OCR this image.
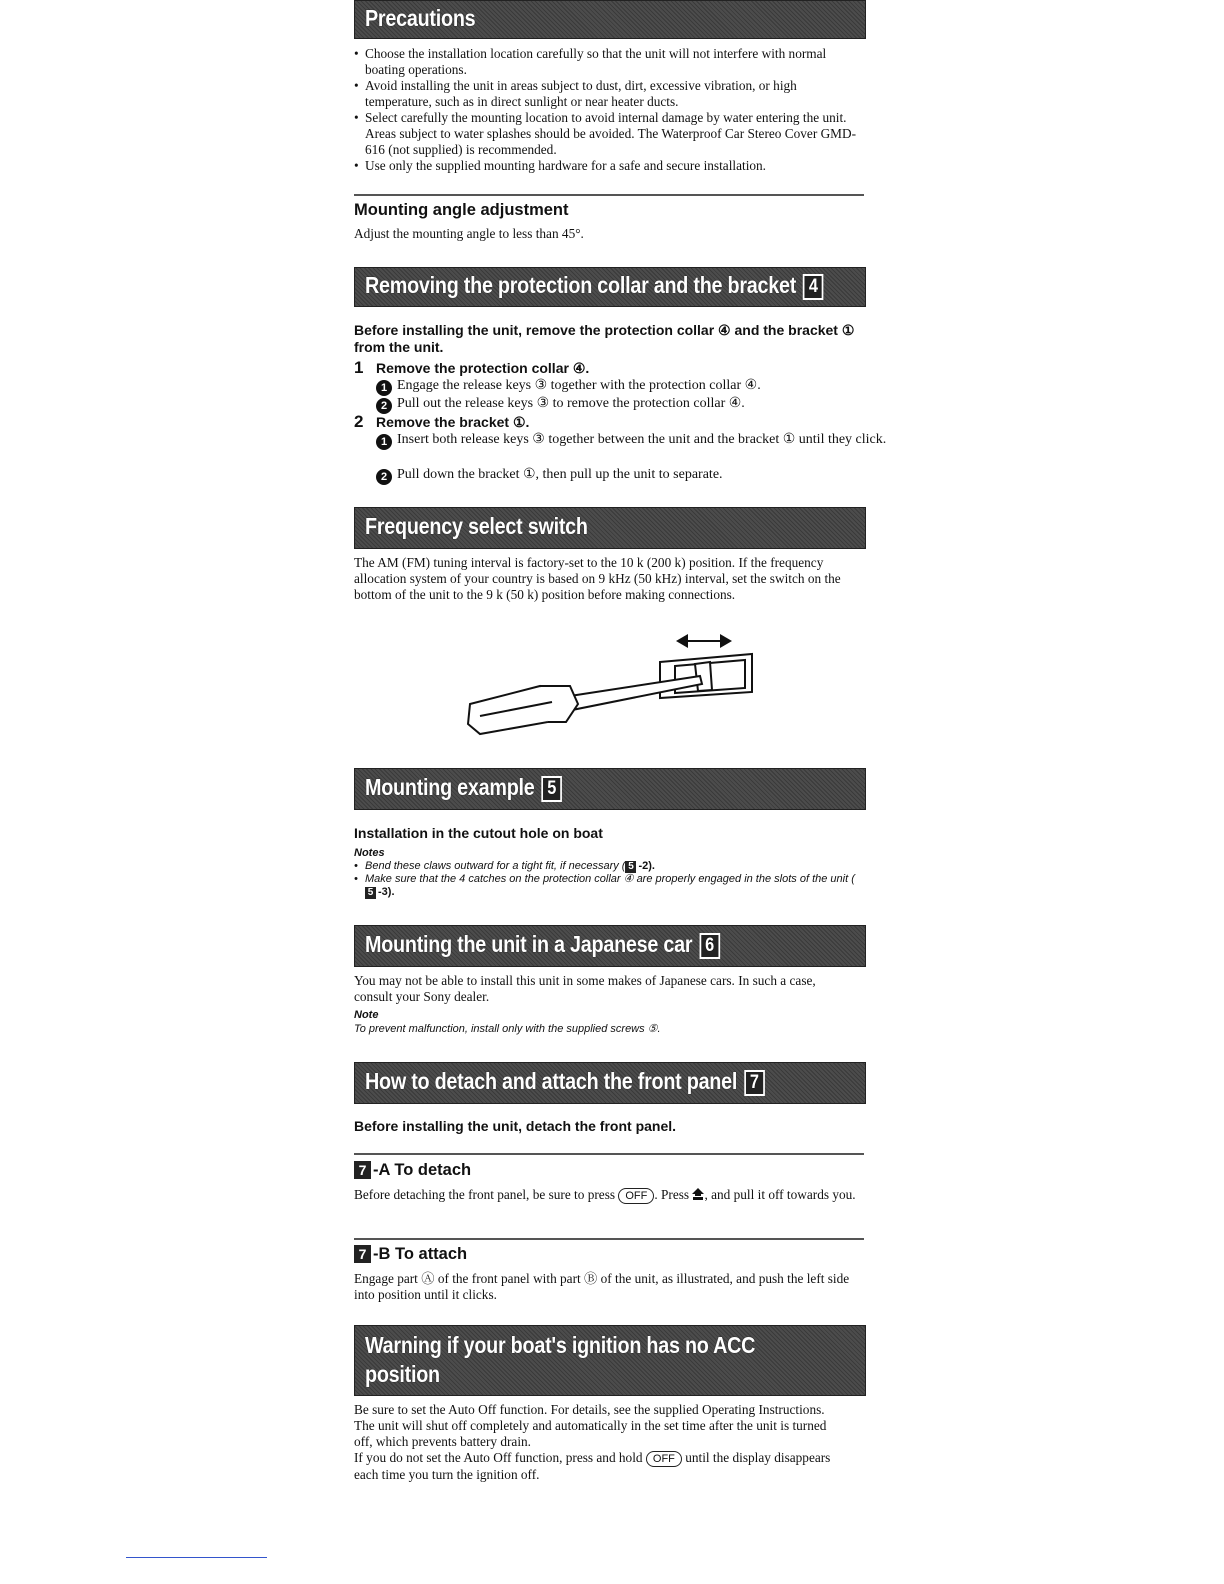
Precautions
• Choose the installation location carefully so that the unit will not interfere with normal boating operations.
• Avoid installing the unit in areas subject to dust, dirt, excessive vibration, or high temperature, such as in direct sunlight or near heater ducts.
• Select carefully the mounting location to avoid internal damage by water entering the unit. Areas subject to water splashes should be avoided. The Waterproof Car Stereo Cover GMD-616 (not supplied) is recommended.
• Use only the supplied mounting hardware for a safe and secure installation.
Mounting angle adjustment
Adjust the mounting angle to less than 45°.
Removing the protection collar and the bracket 4
Before installing the unit, remove the protection collar ④ and the bracket ① from the unit.
1 Remove the protection collar ④.
1 Engage the release keys ③ together with the protection collar ④.
2 Pull out the release keys ③ to remove the protection collar ④.
2 Remove the bracket ①.
1 Insert both release keys ③ together between the unit and the bracket ① until they click.
2 Pull down the bracket ①, then pull up the unit to separate.
Frequency select switch
The AM (FM) tuning interval is factory-set to the 10 k (200 k) position. If the frequency allocation system of your country is based on 9 kHz (50 kHz) interval, set the switch on the bottom of the unit to the 9 k (50 k) position before making connections.
Mounting example 5
Installation in the cutout hole on boat
Notes
• Bend these claws outward for a tight fit, if necessary ( 5 -2).
• Make sure that the 4 catches on the protection collar ④ are properly engaged in the slots of the unit (5 -3).
Mounting the unit in a Japanese car 6
You may not be able to install this unit in some makes of Japanese cars. In such a case, consult your Sony dealer.
Note
To prevent malfunction, install only with the supplied screws ⑤.
How to detach and attach the front panel 7
Before installing the unit, detach the front panel.
7 -A To detach
Before detaching the front panel, be sure to press OFF . Press , and pull it off towards you.
7 -B To attach
Engage part Ⓐ of the front panel with part Ⓑ of the unit, as illustrated, and push the left side into position until it clicks.
Warning if your boat's ignition has no ACC
position
Be sure to set the Auto Off function. For details, see the supplied Operating Instructions.
The unit will shut off completely and automatically in the set time after the unit is turned off, which prevents battery drain.
If you do not set the Auto Off function, press and hold OFF until the display disappears each time you turn the ignition off.
